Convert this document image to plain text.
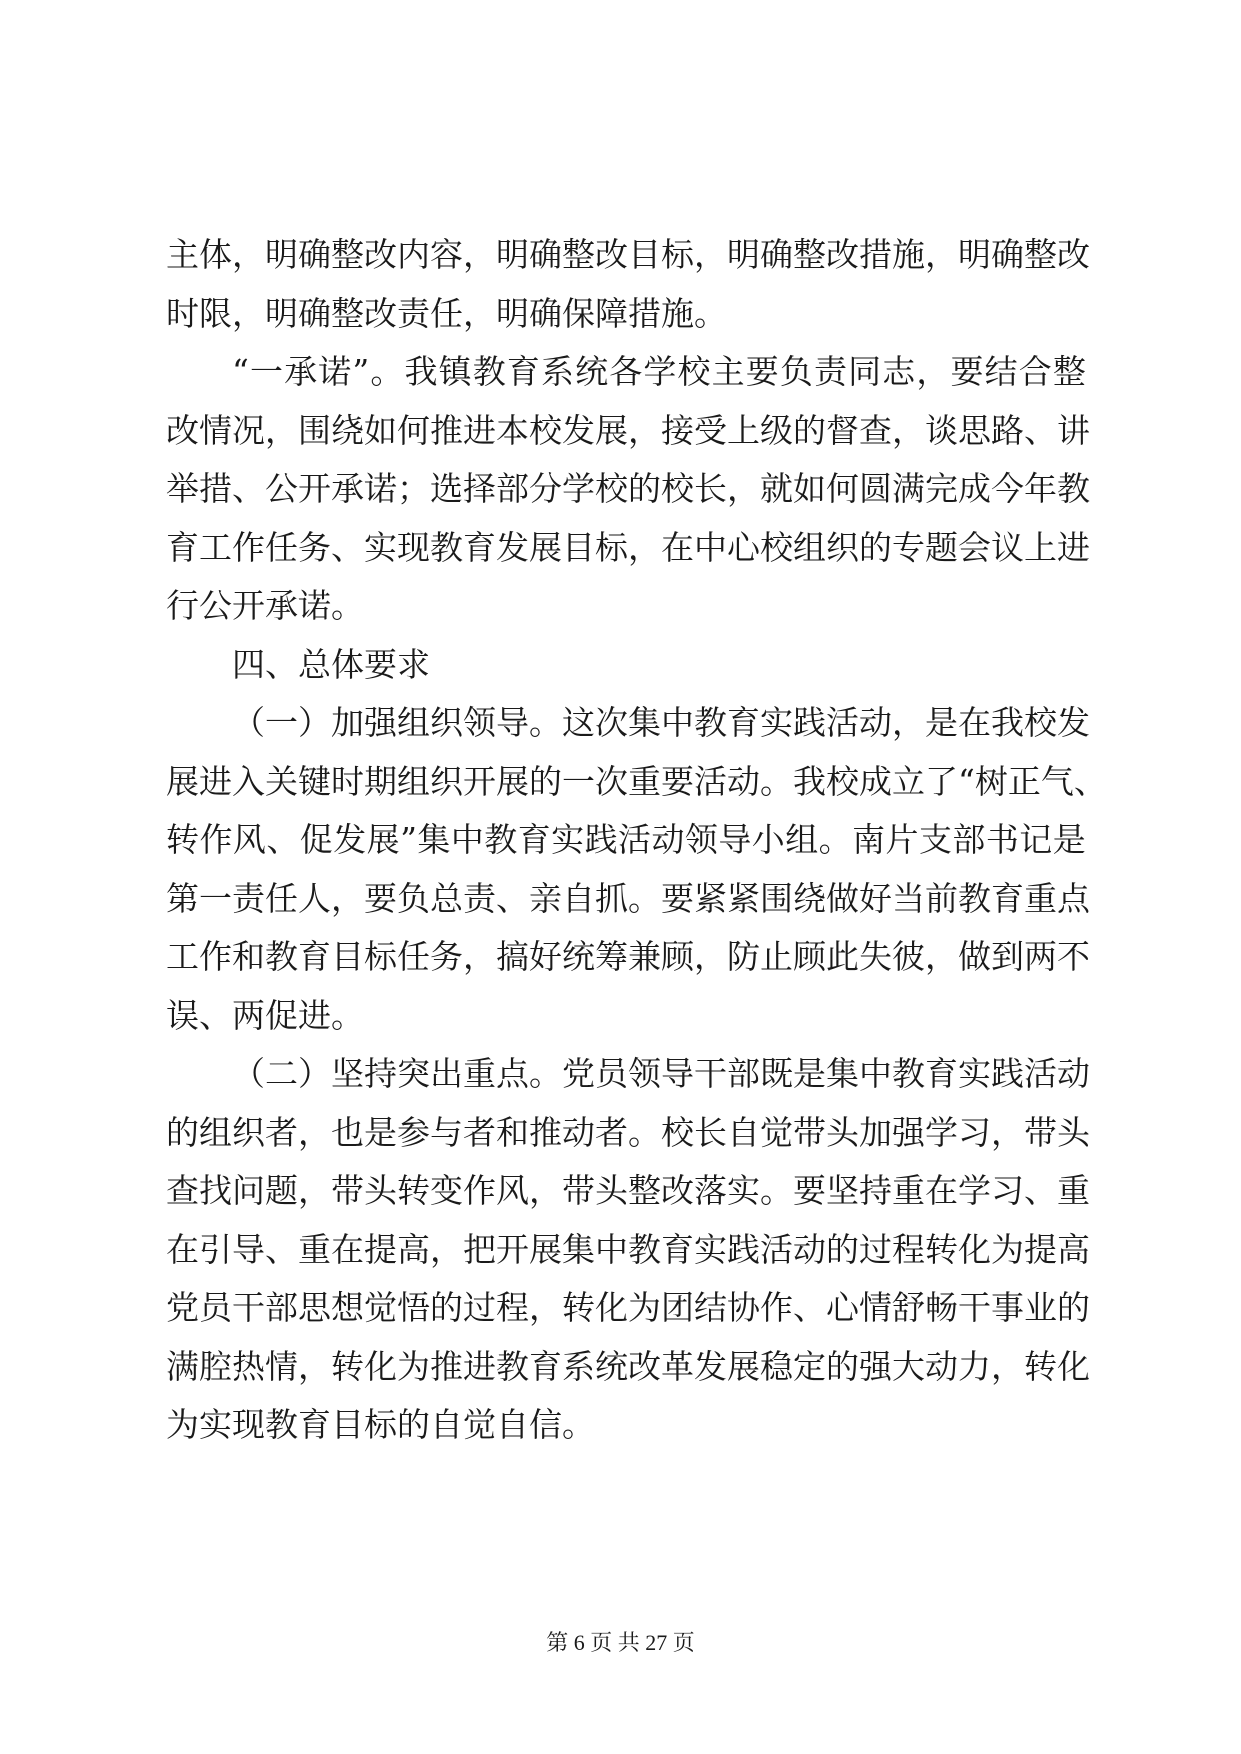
主 体 ， 明 确 整 改 内 容 ， 明 确 整 改 目 标 ， 明 确 整 改 措 施 ， 明 确 整 改
时限，明确整改责任，明确保障措施。
“ 一 承 诺 ” 。 我 镇 教 育 系 统 各 学 校 主 要 负 责 同 志 ， 要 结 合 整
改 情 况 ， 围 绕 如 何 推 进 本 校 发 展 ， 接 受 上 级 的 督 查 ， 谈 思 路 、 讲
举 措 、 公 开 承 诺 ； 选 择 部 分 学 校 的 校 长 ， 就 如 何 圆 满 完 成 今 年 教
育 工 作 任 务 、 实 现 教 育 发 展 目 标 ， 在 中 心 校 组 织 的 专 题 会 议 上 进
行公开承诺。
四、总体要求
（ 一 ） 加 强 组 织 领 导 。 这 次 集 中 教 育 实 践 活 动 ， 是 在 我 校 发
展 进 入 关 键 时 期 组 织 开 展 的 一 次 重 要 活 动 。 我 校 成 立 了 “ 树 正 气 、
转 作 风 、 促 发 展 ” 集 中 教 育 实 践 活 动 领 导 小 组 。 南 片 支 部 书 记 是
第 一 责 任 人 ， 要 负 总 责 、 亲 自 抓 。 要 紧 紧 围 绕 做 好 当 前 教 育 重 点
工 作 和 教 育 目 标 任 务 ， 搞 好 统 筹 兼 顾 ， 防 止 顾 此 失 彼 ， 做 到 两 不
误、两促进。
（ 二 ） 坚 持 突 出 重 点 。 党 员 领 导 干 部 既 是 集 中 教 育 实 践 活 动
的 组 织 者 ， 也 是 参 与 者 和 推 动 者 。 校 长 自 觉 带 头 加 强 学 习 ， 带 头
查 找 问 题 ， 带 头 转 变 作 风 ， 带 头 整 改 落 实 。 要 坚 持 重 在 学 习 、 重
在 引 导 、 重 在 提 高 ， 把 开 展 集 中 教 育 实 践 活 动 的 过 程 转 化 为 提 高
党 员 干 部 思 想 觉 悟 的 过 程 ， 转 化 为 团 结 协 作 、 心 情 舒 畅 干 事 业 的
满 腔 热 情 ， 转 化 为 推 进 教 育 系 统 改 革 发 展 稳 定 的 强 大 动 力 ， 转 化
为实现教育目标的自觉自信。
第 6 页 共 27 页
